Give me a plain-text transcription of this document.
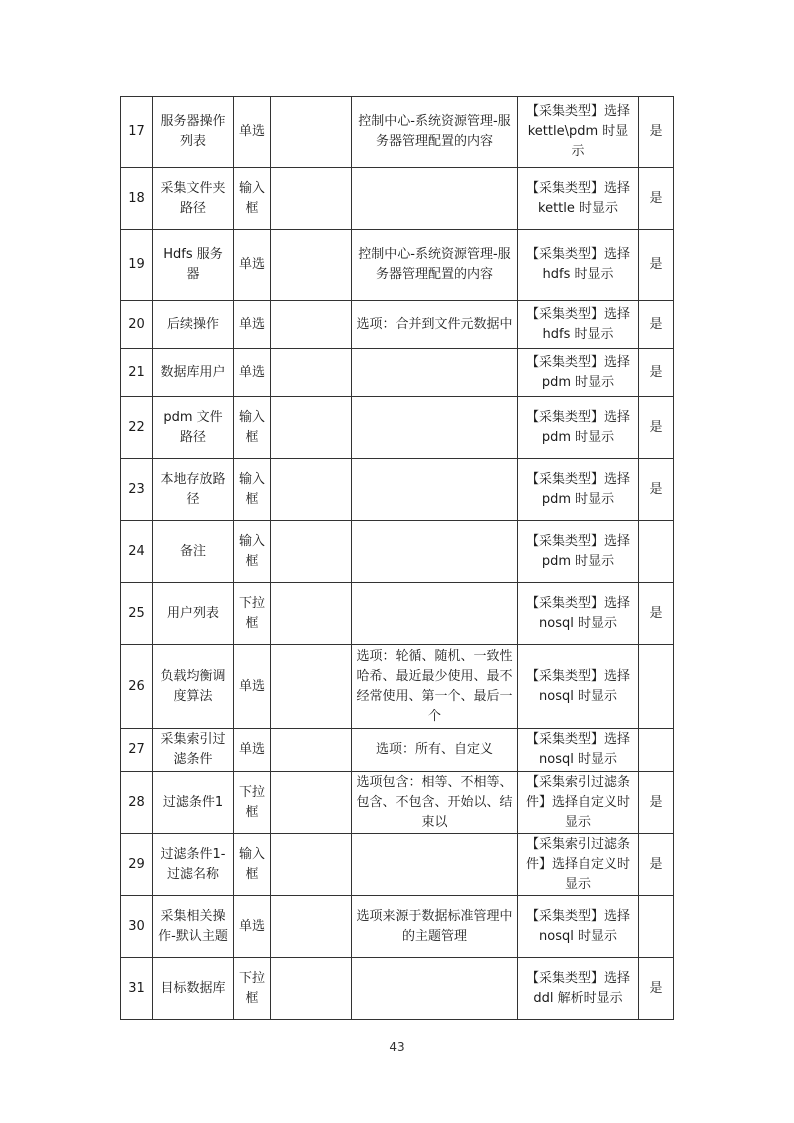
17	服务器操作列表	单选		控制中心-系统资源管理-服务器管理配置的内容	【采集类型】选择 kettle\pdm 时显示	是
18	采集文件夹路径	输入框			【采集类型】选择 kettle 时显示	是
19	Hdfs 服务器	单选		控制中心-系统资源管理-服务器管理配置的内容	【采集类型】选择 hdfs 时显示	是
20	后续操作	单选		选项：合并到文件元数据中	【采集类型】选择 hdfs 时显示	是
21	数据库用户	单选			【采集类型】选择 pdm 时显示	是
22	pdm 文件路径	输入框			【采集类型】选择 pdm 时显示	是
23	本地存放路径	输入框			【采集类型】选择 pdm 时显示	是
24	备注	输入框			【采集类型】选择 pdm 时显示	
25	用户列表	下拉框			【采集类型】选择 nosql 时显示	是
26	负载均衡调度算法	单选		选项：轮循、随机、一致性哈希、最近最少使用、最不经常使用、第一个、最后一个	【采集类型】选择 nosql 时显示	
27	采集索引过滤条件	单选		选项：所有、自定义	【采集类型】选择 nosql 时显示	
28	过滤条件1	下拉框		选项包含：相等、不相等、包含、不包含、开始以、结束以	【采集索引过滤条件】选择自定义时显示	是
29	过滤条件1-过滤名称	输入框			【采集索引过滤条件】选择自定义时显示	是
30	采集相关操作-默认主题	单选		选项来源于数据标准管理中的主题管理	【采集类型】选择 nosql 时显示	
31	目标数据库	下拉框			【采集类型】选择 ddl 解析时显示	是
43
